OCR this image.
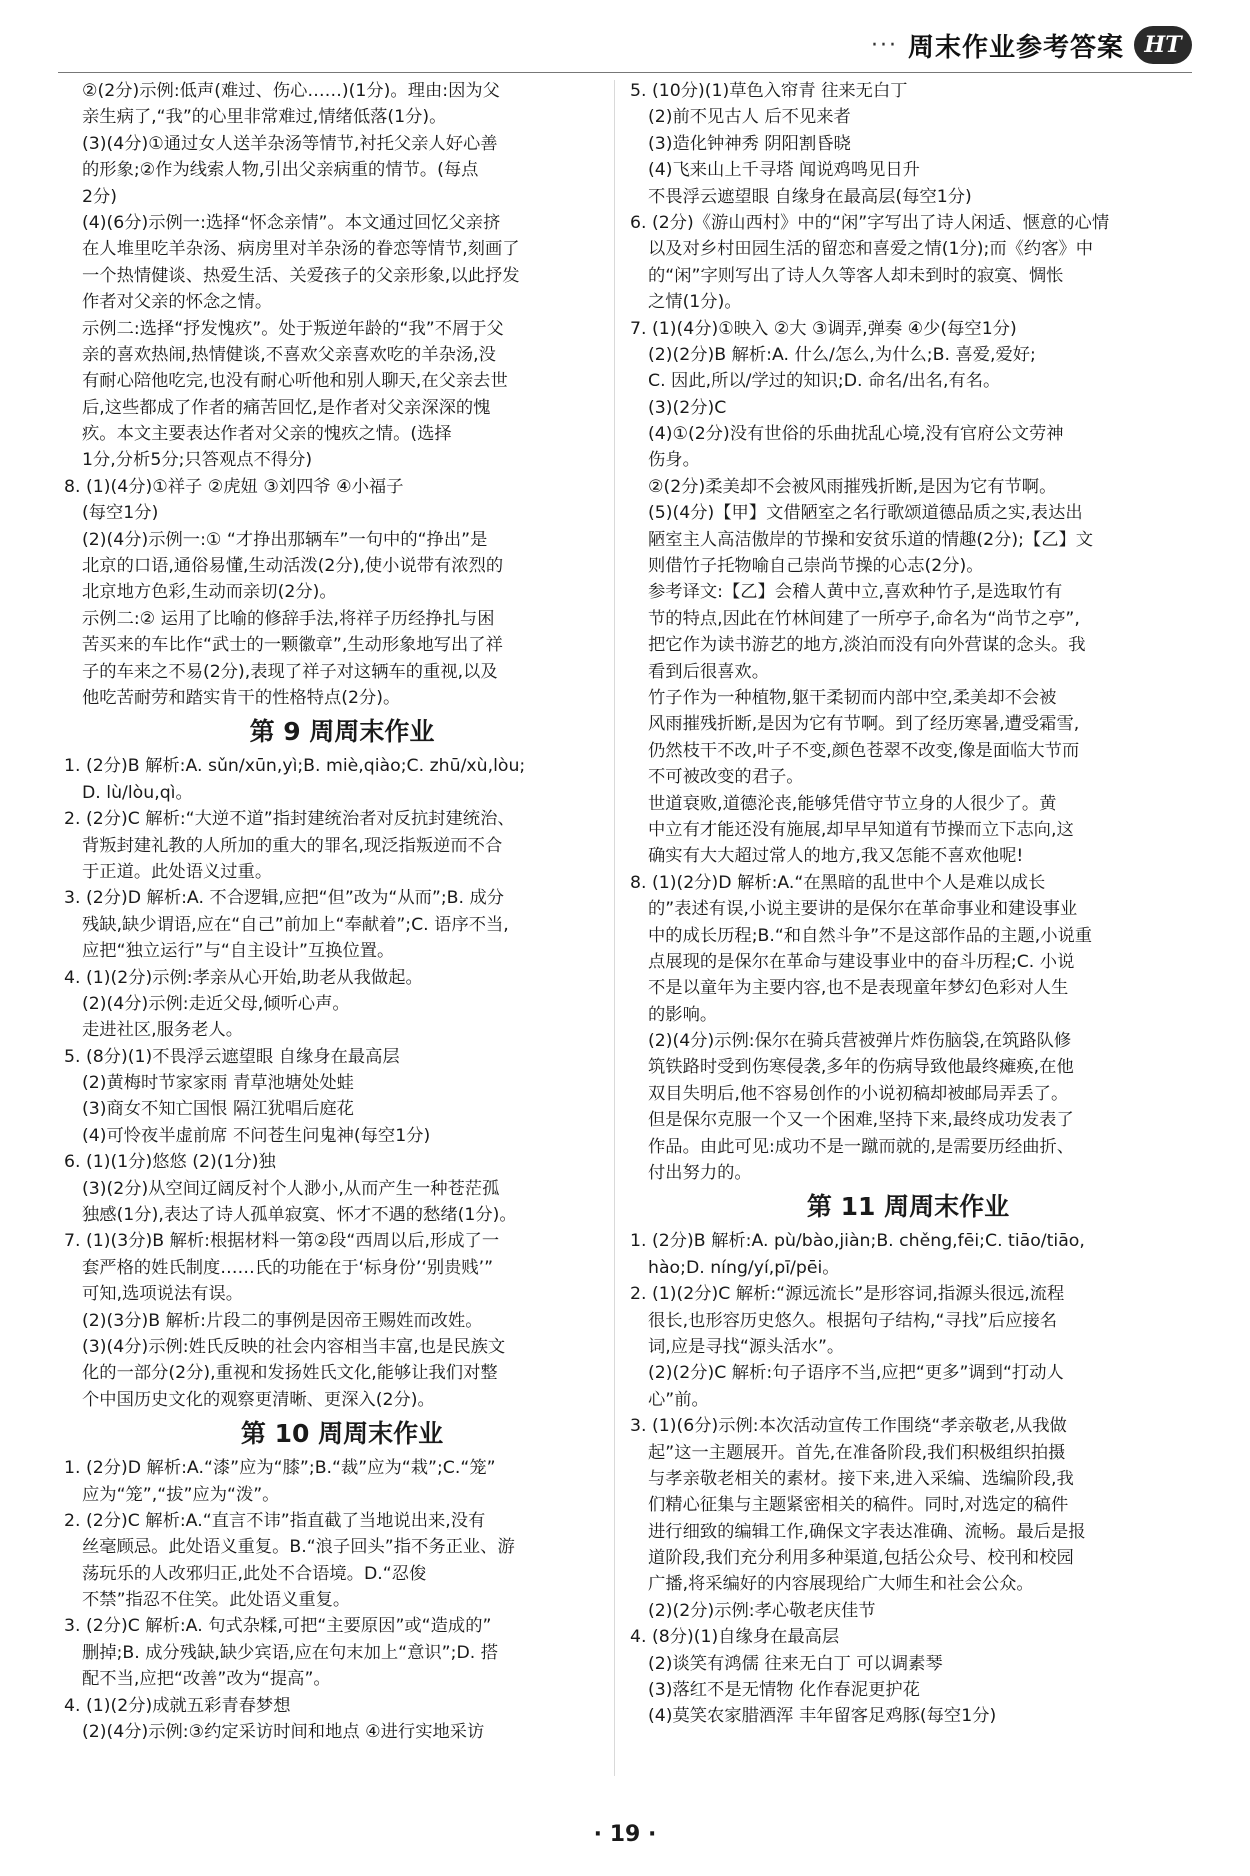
··· 周末作业参考答案 HT
②(2分)示例:低声(难过、伤心……)(1分)。理由:因为父
亲生病了,“我”的心里非常难过,情绪低落(1分)。
(3)(4分)①通过女人送羊杂汤等情节,衬托父亲人好心善
的形象;②作为线索人物,引出父亲病重的情节。(每点
2分)
(4)(6分)示例一:选择“怀念亲情”。本文通过回忆父亲挤
在人堆里吃羊杂汤、病房里对羊杂汤的眷恋等情节,刻画了
一个热情健谈、热爱生活、关爱孩子的父亲形象,以此抒发
作者对父亲的怀念之情。
示例二:选择“抒发愧疚”。处于叛逆年龄的“我”不屑于父
亲的喜欢热闹,热情健谈,不喜欢父亲喜欢吃的羊杂汤,没
有耐心陪他吃完,也没有耐心听他和别人聊天,在父亲去世
后,这些都成了作者的痛苦回忆,是作者对父亲深深的愧
疚。本文主要表达作者对父亲的愧疚之情。(选择
1分,分析5分;只答观点不得分)
8. (1)(4分)①祥子 ②虎妞 ③刘四爷 ④小福子
(每空1分)
(2)(4分)示例一:① “才挣出那辆车”一句中的“挣出”是
北京的口语,通俗易懂,生动活泼(2分),使小说带有浓烈的
北京地方色彩,生动而亲切(2分)。
示例二:② 运用了比喻的修辞手法,将祥子历经挣扎与困
苦买来的车比作“武士的一颗徽章”,生动形象地写出了祥
子的车来之不易(2分),表现了祥子对这辆车的重视,以及
他吃苦耐劳和踏实肯干的性格特点(2分)。
第 9 周周末作业
1. (2分)B 解析:A. sǔn/xūn,yì;B. miè,qiào;C. zhū/xù,lòu;
D. lù/lòu,qì。
2. (2分)C 解析:“大逆不道”指封建统治者对反抗封建统治、
背叛封建礼教的人所加的重大的罪名,现泛指叛逆而不合
于正道。此处语义过重。
3. (2分)D 解析:A. 不合逻辑,应把“但”改为“从而”;B. 成分
残缺,缺少谓语,应在“自己”前加上“奉献着”;C. 语序不当,
应把“独立运行”与“自主设计”互换位置。
4. (1)(2分)示例:孝亲从心开始,助老从我做起。
(2)(4分)示例:走近父母,倾听心声。
走进社区,服务老人。
5. (8分)(1)不畏浮云遮望眼 自缘身在最高层
(2)黄梅时节家家雨 青草池塘处处蛙
(3)商女不知亡国恨 隔江犹唱后庭花
(4)可怜夜半虚前席 不问苍生问鬼神(每空1分)
6. (1)(1分)悠悠 (2)(1分)独
(3)(2分)从空间辽阔反衬个人渺小,从而产生一种苍茫孤
独感(1分),表达了诗人孤单寂寞、怀才不遇的愁绪(1分)。
7. (1)(3分)B 解析:根据材料一第②段“西周以后,形成了一
套严格的姓氏制度……氏的功能在于‘标身份’‘别贵贱’”
可知,选项说法有误。
(2)(3分)B 解析:片段二的事例是因帝王赐姓而改姓。
(3)(4分)示例:姓氏反映的社会内容相当丰富,也是民族文
化的一部分(2分),重视和发扬姓氏文化,能够让我们对整
个中国历史文化的观察更清晰、更深入(2分)。
第 10 周周末作业
1. (2分)D 解析:A.“漆”应为“膝”;B.“裁”应为“栽”;C.“笼”
应为“笼”,“拔”应为“泼”。
2. (2分)C 解析:A.“直言不讳”指直截了当地说出来,没有
丝毫顾忌。此处语义重复。B.“浪子回头”指不务正业、游
荡玩乐的人改邪归正,此处不合语境。D.“忍俊
不禁”指忍不住笑。此处语义重复。
3. (2分)C 解析:A. 句式杂糅,可把“主要原因”或“造成的”
删掉;B. 成分残缺,缺少宾语,应在句末加上“意识”;D. 搭
配不当,应把“改善”改为“提高”。
4. (1)(2分)成就五彩青春梦想
(2)(4分)示例:③约定采访时间和地点 ④进行实地采访
5. (10分)(1)草色入帘青 往来无白丁
(2)前不见古人 后不见来者
(3)造化钟神秀 阴阳割昏晓
(4)飞来山上千寻塔 闻说鸡鸣见日升
不畏浮云遮望眼 自缘身在最高层(每空1分)
6. (2分)《游山西村》中的“闲”字写出了诗人闲适、惬意的心情
以及对乡村田园生活的留恋和喜爱之情(1分);而《约客》中
的“闲”字则写出了诗人久等客人却未到时的寂寞、惆怅
之情(1分)。
7. (1)(4分)①映入 ②大 ③调弄,弹奏 ④少(每空1分)
(2)(2分)B 解析:A. 什么/怎么,为什么;B. 喜爱,爱好;
C. 因此,所以/学过的知识;D. 命名/出名,有名。
(3)(2分)C
(4)①(2分)没有世俗的乐曲扰乱心境,没有官府公文劳神
伤身。
②(2分)柔美却不会被风雨摧残折断,是因为它有节啊。
(5)(4分)【甲】文借陋室之名行歌颂道德品质之实,表达出
陋室主人高洁傲岸的节操和安贫乐道的情趣(2分);【乙】文
则借竹子托物喻自己崇尚节操的心志(2分)。
参考译文:【乙】会稽人黄中立,喜欢种竹子,是选取竹有
节的特点,因此在竹林间建了一所亭子,命名为“尚节之亭”,
把它作为读书游艺的地方,淡泊而没有向外营谋的念头。我
看到后很喜欢。
竹子作为一种植物,躯干柔韧而内部中空,柔美却不会被
风雨摧残折断,是因为它有节啊。到了经历寒暑,遭受霜雪,
仍然枝干不改,叶子不变,颜色苍翠不改变,像是面临大节而
不可被改变的君子。
世道衰败,道德沦丧,能够凭借守节立身的人很少了。黄
中立有才能还没有施展,却早早知道有节操而立下志向,这
确实有大大超过常人的地方,我又怎能不喜欢他呢!
8. (1)(2分)D 解析:A.“在黑暗的乱世中个人是难以成长
的”表述有误,小说主要讲的是保尔在革命事业和建设事业
中的成长历程;B.“和自然斗争”不是这部作品的主题,小说重
点展现的是保尔在革命与建设事业中的奋斗历程;C. 小说
不是以童年为主要内容,也不是表现童年梦幻色彩对人生
的影响。
(2)(4分)示例:保尔在骑兵营被弹片炸伤脑袋,在筑路队修
筑铁路时受到伤寒侵袭,多年的伤病导致他最终瘫痪,在他
双目失明后,他不容易创作的小说初稿却被邮局弄丢了。
但是保尔克服一个又一个困难,坚持下来,最终成功发表了
作品。由此可见:成功不是一蹴而就的,是需要历经曲折、
付出努力的。
第 11 周周末作业
1. (2分)B 解析:A. pù/bào,jiàn;B. chěng,fēi;C. tiāo/tiāo,
hào;D. níng/yí,pī/pēi。
2. (1)(2分)C 解析:“源远流长”是形容词,指源头很远,流程
很长,也形容历史悠久。根据句子结构,“寻找”后应接名
词,应是寻找“源头活水”。
(2)(2分)C 解析:句子语序不当,应把“更多”调到“打动人
心”前。
3. (1)(6分)示例:本次活动宣传工作围绕“孝亲敬老,从我做
起”这一主题展开。首先,在准备阶段,我们积极组织拍摄
与孝亲敬老相关的素材。接下来,进入采编、选编阶段,我
们精心征集与主题紧密相关的稿件。同时,对选定的稿件
进行细致的编辑工作,确保文字表达准确、流畅。最后是报
道阶段,我们充分利用多种渠道,包括公众号、校刊和校园
广播,将采编好的内容展现给广大师生和社会公众。
(2)(2分)示例:孝心敬老庆佳节
4. (8分)(1)自缘身在最高层
(2)谈笑有鸿儒 往来无白丁 可以调素琴
(3)落红不是无情物 化作春泥更护花
(4)莫笑农家腊酒浑 丰年留客足鸡豚(每空1分)
· 19 ·
